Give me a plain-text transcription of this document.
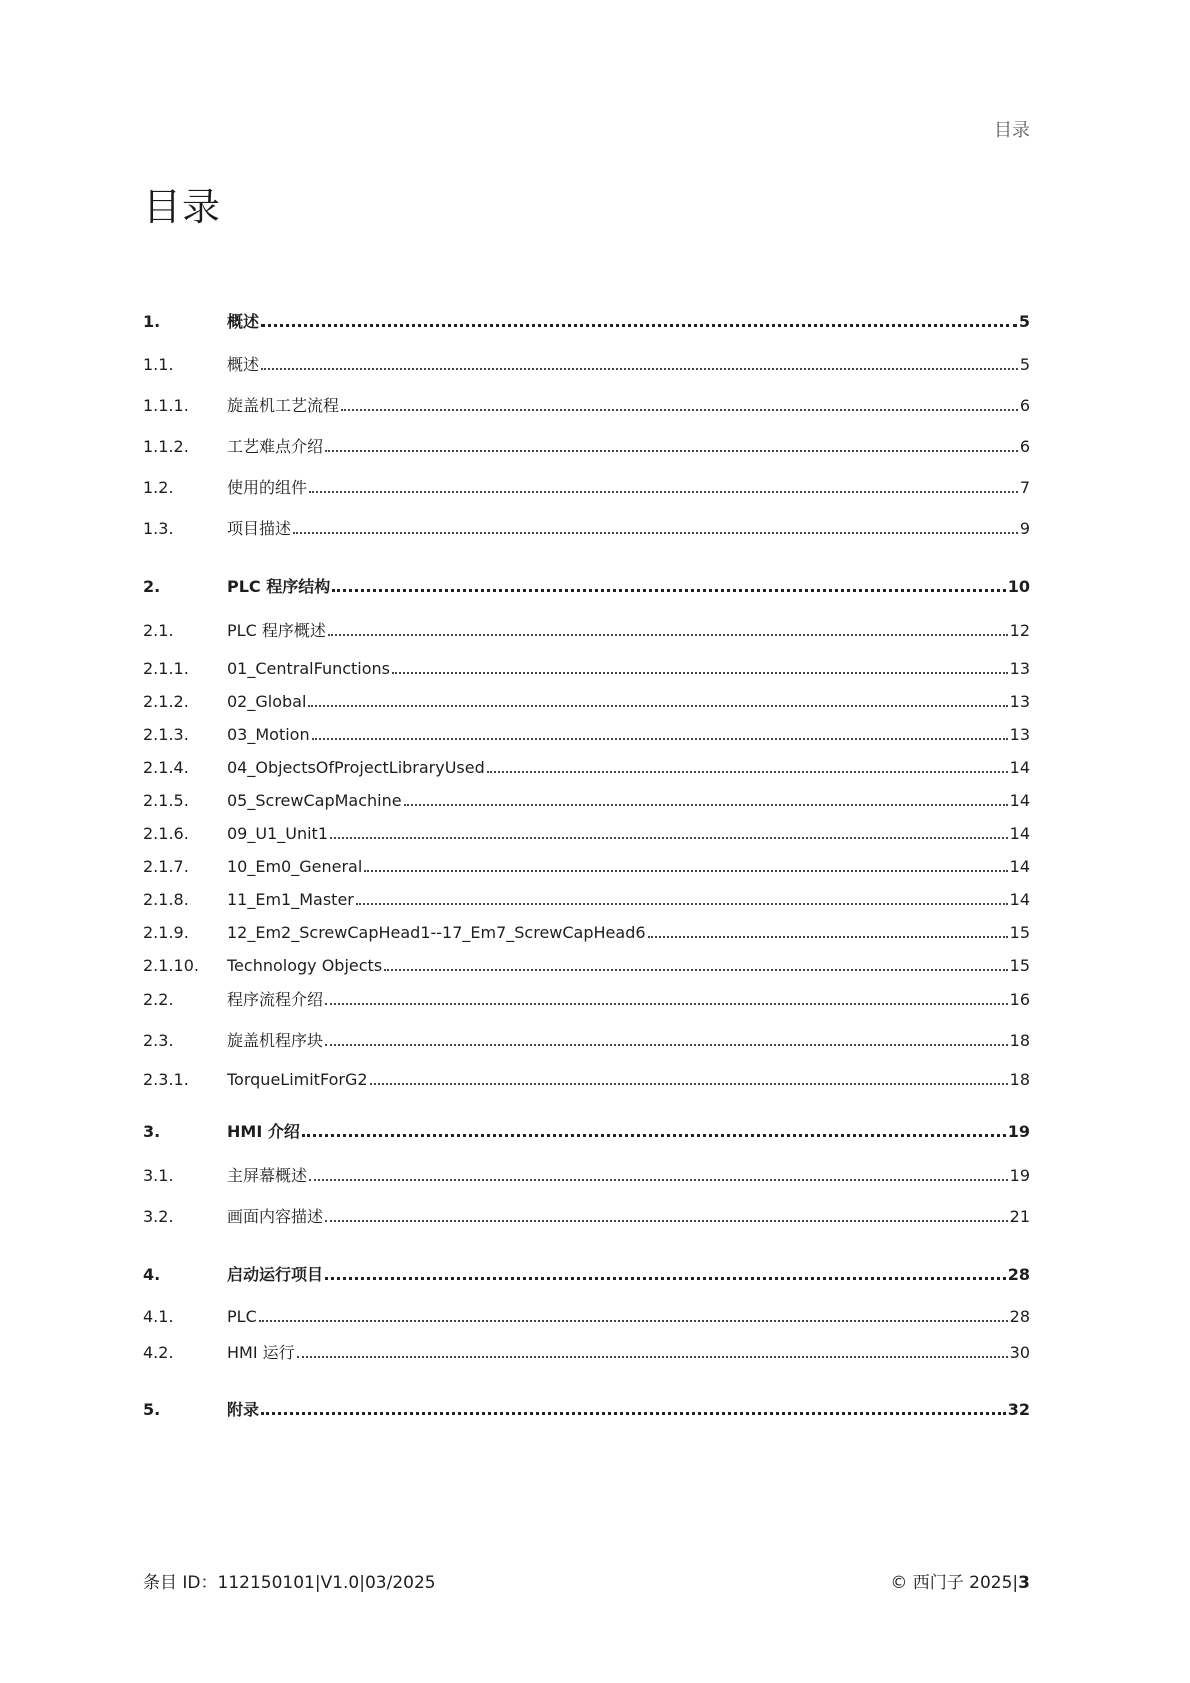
目录
目录
1.	概述	5
1.1.	概述	5
1.1.1.	旋盖机工艺流程	6
1.1.2.	工艺难点介绍	6
1.2.	使用的组件	7
1.3.	项目描述	9
2.	PLC 程序结构	10
2.1.	PLC 程序概述	12
2.1.1.	01_CentralFunctions	13
2.1.2.	02_Global	13
2.1.3.	03_Motion	13
2.1.4.	04_ObjectsOfProjectLibraryUsed	14
2.1.5.	05_ScrewCapMachine	14
2.1.6.	09_U1_Unit1	14
2.1.7.	10_Em0_General	14
2.1.8.	11_Em1_Master	14
2.1.9.	12_Em2_ScrewCapHead1--17_Em7_ScrewCapHead6	15
2.1.10.	Technology Objects	15
2.2.	程序流程介绍	16
2.3.	旋盖机程序块	18
2.3.1.	TorqueLimitForG2	18
3.	HMI 介绍	19
3.1.	主屏幕概述	19
3.2.	画面内容描述	21
4.	启动运行项目	28
4.1.	PLC	28
4.2.	HMI 运行	30
5.	附录	32
条目 ID：112150101|V1.0|03/2025	© 西门子 2025|3
